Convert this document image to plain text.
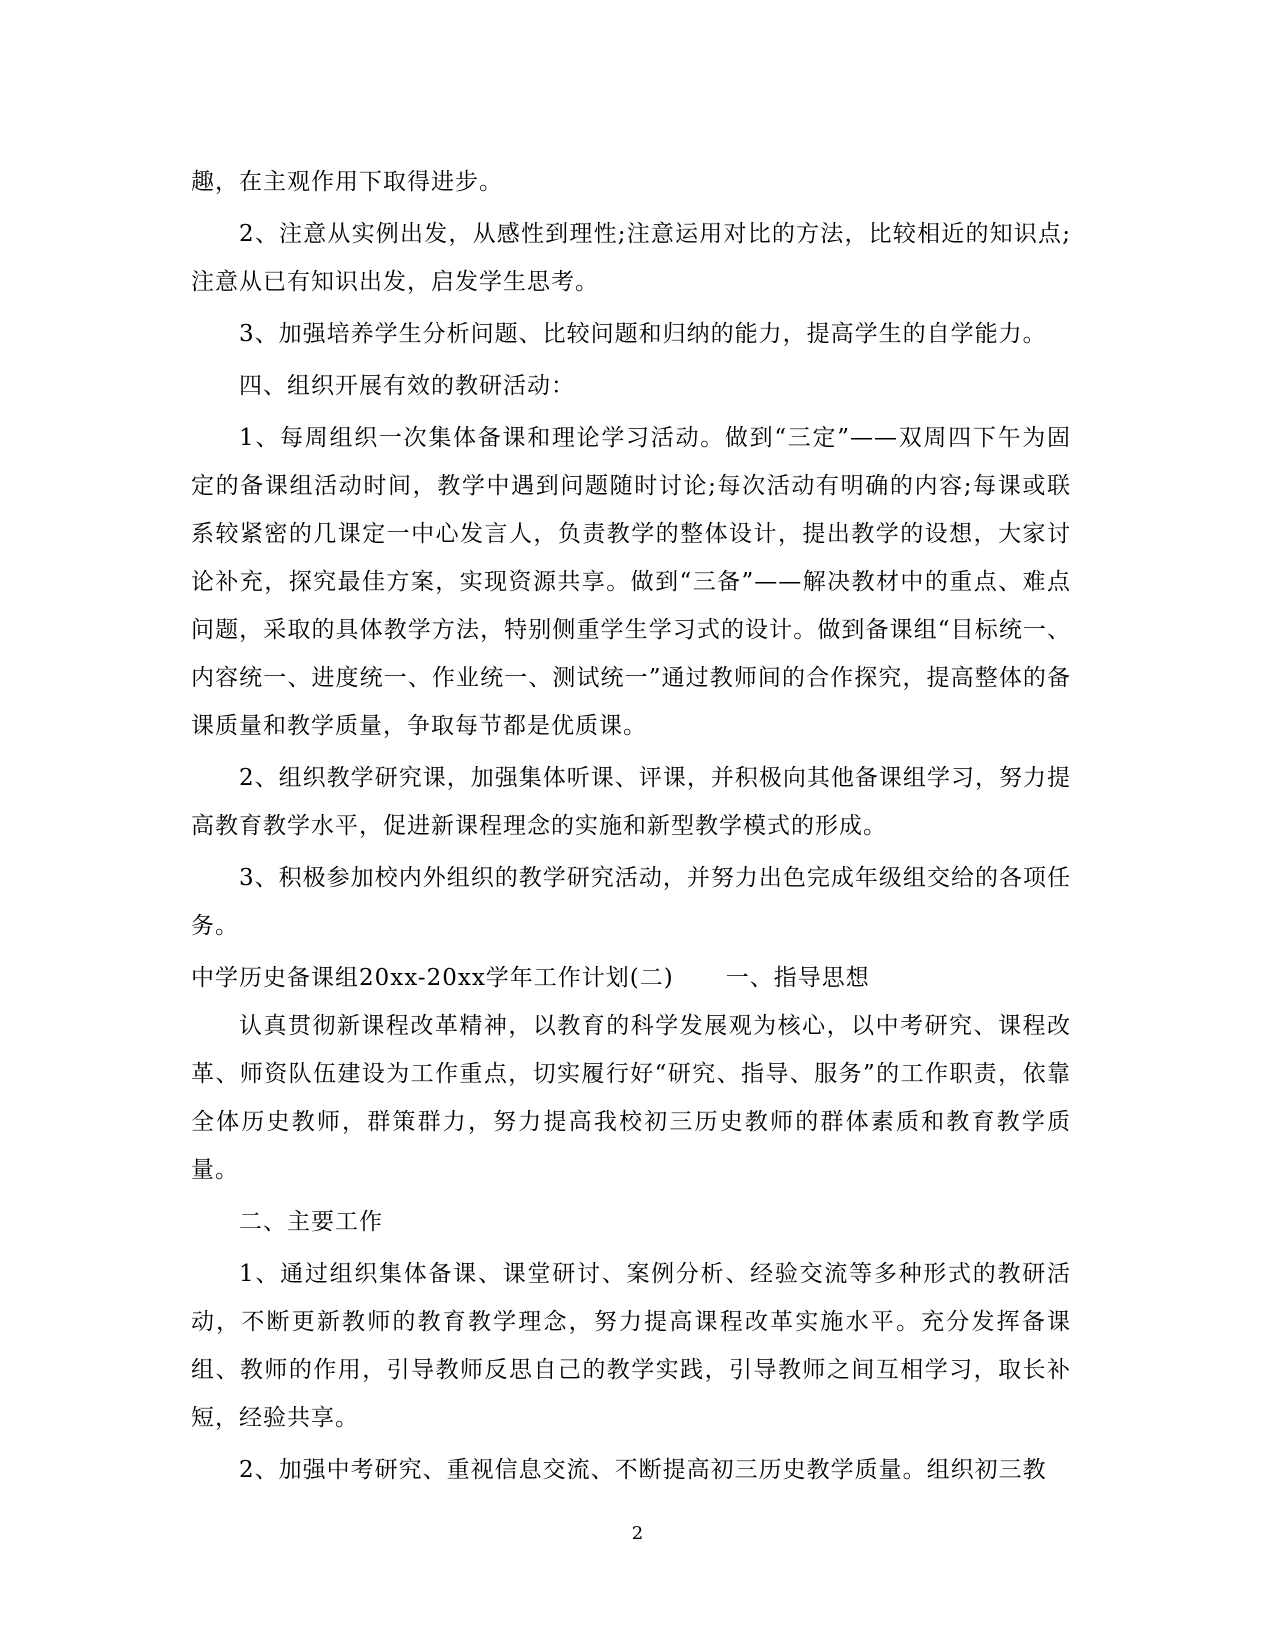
趣，在主观作用下取得进步。

2、注意从实例出发，从感性到理性;注意运用对比的方法，比较相近的知识点;注意从已有知识出发，启发学生思考。

3、加强培养学生分析问题、比较问题和归纳的能力，提高学生的自学能力。

四、组织开展有效的教研活动：

1、每周组织一次集体备课和理论学习活动。做到“三定”——双周四下午为固定的备课组活动时间，教学中遇到问题随时讨论;每次活动有明确的内容;每课或联系较紧密的几课定一中心发言人，负责教学的整体设计，提出教学的设想，大家讨论补充，探究最佳方案，实现资源共享。做到“三备”——解决教材中的重点、难点问题，采取的具体教学方法，特别侧重学生学习式的设计。做到备课组“目标统一、内容统一、进度统一、作业统一、测试统一”通过教师间的合作探究，提高整体的备课质量和教学质量，争取每节都是优质课。

2、组织教学研究课，加强集体听课、评课，并积极向其他备课组学习，努力提高教育教学水平，促进新课程理念的实施和新型教学模式的形成。

3、积极参加校内外组织的教学研究活动，并努力出色完成年级组交给的各项任务。

中学历史备课组20xx-20xx学年工作计划(二) 一、指导思想

认真贯彻新课程改革精神，以教育的科学发展观为核心，以中考研究、课程改革、师资队伍建设为工作重点，切实履行好“研究、指导、服务”的工作职责，依靠全体历史教师，群策群力，努力提高我校初三历史教师的群体素质和教育教学质量。

二、主要工作

1、通过组织集体备课、课堂研讨、案例分析、经验交流等多种形式的教研活动，不断更新教师的教育教学理念，努力提高课程改革实施水平。充分发挥备课组、教师的作用，引导教师反思自己的教学实践，引导教师之间互相学习，取长补短，经验共享。

2、加强中考研究、重视信息交流、不断提高初三历史教学质量。组织初三教

2
